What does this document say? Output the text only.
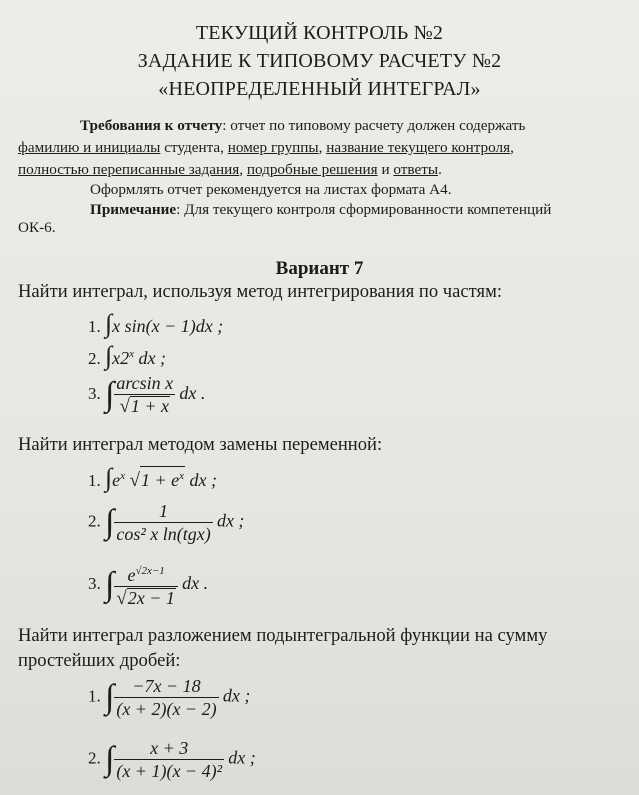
ТЕКУЩИЙ КОНТРОЛЬ №2
ЗАДАНИЕ К ТИПОВОМУ РАСЧЕТУ №2
«НЕОПРЕДЕЛЕННЫЙ ИНТЕГРАЛ»
Требования к отчету: отчет по типовому расчету должен содержать
фамилию и инициалы студента, номер группы, название текущего контроля,
полностью переписанные задания, подробные решения и ответы.
Оформлять отчет рекомендуется на листах формата А4.
Примечание: Для текущего контроля сформированности компетенций
ОК-6.
Вариант 7
Найти интеграл, используя метод интегрирования по частям:
1. ∫x sin(x − 1)dx ;
2. ∫x2$^x$ dx ;
3. ∫ $\frac{\text{arcsin x}}{√1 + x}$ dx .
Найти интеграл методом замены переменной:
1. $\int e^x$ $√1 + e^x$ dx ;
2. ∫ $\frac{1}{\text{cos² x ln(tgx)}}$ dx ;
3. ∫ $\frac{e^{√2x-1}}{√2x - 1}$ dx .
Найти интеграл разложением подынтегральной функции на сумму
простейших дробей:
1. ∫ $\frac{-7x - 18}{(x + 2)(x - 2)}$ dx ;
2. ∫ $\frac{x + 3}{\text{(x + 1)(x − 4)²}}$ dx ;
